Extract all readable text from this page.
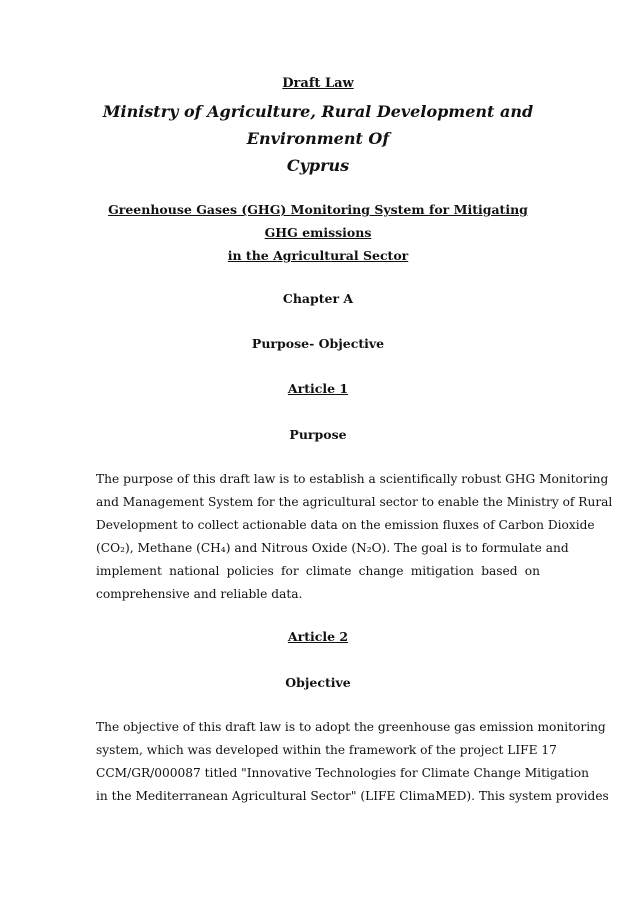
Draft Law
Ministry of Agriculture, Rural Development and Environment Of
Cyprus
Greenhouse Gases (GHG) Monitoring System for Mitigating GHG emissions
in the Agricultural Sector
Chapter A
Purpose- Objective
Article 1
Purpose
The purpose of this draft law is to establish a scientifically robust GHG Monitoring
and Management System for the agricultural sector to enable the Ministry of Rural
Development to collect actionable data on the emission fluxes of Carbon Dioxide
(CO₂), Methane (CH₄) and Nitrous Oxide (N₂O). The goal is to formulate and
implement national policies for climate change mitigation based on
comprehensive and reliable data.
Article 2
Objective
The objective of this draft law is to adopt the greenhouse gas emission monitoring
system, which was developed within the framework of the project LIFE 17
CCM/GR/000087 titled "Innovative Technologies for Climate Change Mitigation
in the Mediterranean Agricultural Sector" (LIFE ClimaMED). This system provides
